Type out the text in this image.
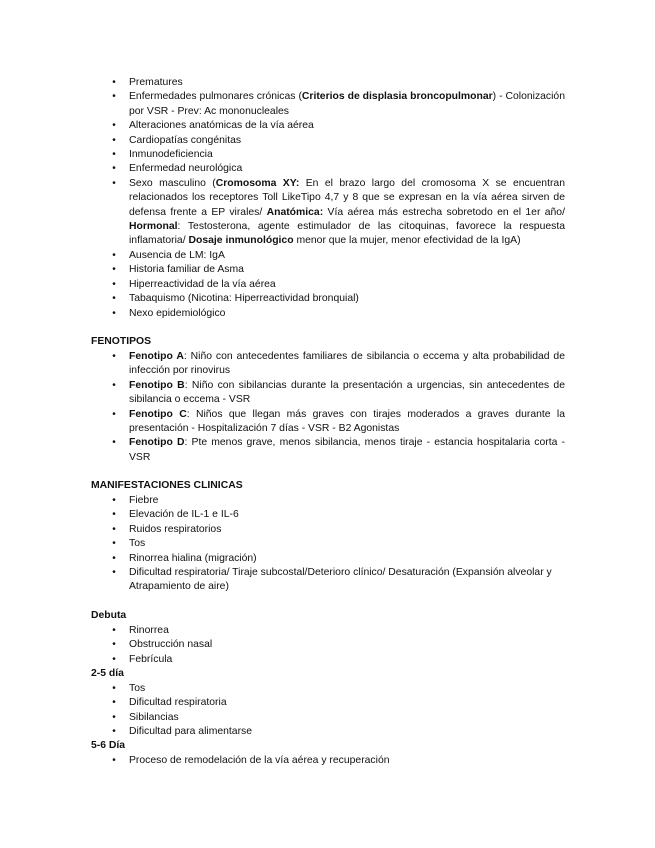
• Prematures
• Enfermedades pulmonares crónicas (Criterios de displasia broncopulmonar) - Colonización por VSR - Prev: Ac mononucleales
• Alteraciones anatómicas de la vía aérea
• Cardiopatías congénitas
• Inmunodeficiencia
• Enfermedad neurológica
• Sexo masculino (Cromosoma XY: En el brazo largo del cromosoma X se encuentran relacionados los receptores Toll LikeTipo 4,7 y 8 que se expresan en la vía aérea sirven de defensa frente a EP virales/ Anatómica: Vía aérea más estrecha sobretodo en el 1er año/ Hormonal: Testosterona, agente estimulador de las citoquinas, favorece la respuesta inflamatoria/ Dosaje inmunológico menor que la mujer, menor efectividad de la IgA)
• Ausencia de LM: IgA
• Historia familiar de Asma
• Hiperreactividad de la vía aérea
• Tabaquismo (Nicotina: Hiperreactividad bronquial)
• Nexo epidemiológico
FENOTIPOS
• Fenotipo A: Niño con antecedentes familiares de sibilancia o eccema y alta probabilidad de infección por rinovirus
• Fenotipo B: Niño con sibilancias durante la presentación a urgencias, sin antecedentes de sibilancia o eccema - VSR
• Fenotipo C: Niños que llegan más graves con tirajes moderados a graves durante la presentación - Hospitalización 7 días - VSR - B2 Agonistas
• Fenotipo D: Pte menos grave, menos sibilancia, menos tiraje - estancia hospitalaria corta - VSR
MANIFESTACIONES CLINICAS
• Fiebre
• Elevación de IL-1 e IL-6
• Ruidos respiratorios
• Tos
• Rinorrea hialina (migración)
• Dificultad respiratoria/ Tiraje subcostal/Deterioro clínico/ Desaturación (Expansión alveolar y Atrapamiento de aire)
Debuta
• Rinorrea
• Obstrucción nasal
• Febrícula
2-5 día
• Tos
• Dificultad respiratoria
• Sibilancias
• Dificultad para alimentarse
5-6 Día
• Proceso de remodelación de la vía aérea y recuperación
